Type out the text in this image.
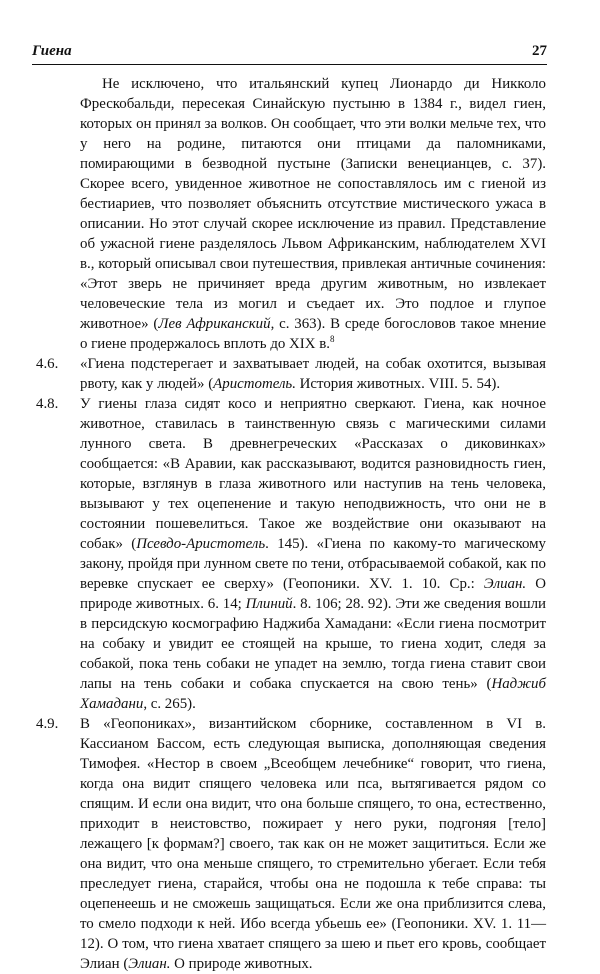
Гиена	27

Не исключено, что итальянский купец Лионардо ди Никколо Фрескобальди, пересекая Синайскую пустыню в 1384 г., видел гиен, которых он принял за волков. Он сообщает, что эти волки мельче тех, что у него на родине, питаются они птицами да паломниками, помирающими в безводной пустыне (Записки венецианцев, с. 37). Скорее всего, увиденное животное не сопоставлялось им с гиеной из бестиариев, что позволяет объяснить отсутствие мистического ужаса в описании. Но этот случай скорее исключение из правил. Представление об ужасной гиене разделялось Львом Африканским, наблюдателем XVI в., который описывал свои путешествия, привлекая античные сочинения: «Этот зверь не причиняет вреда другим животным, но извлекает человеческие тела из могил и съедает их. Это подлое и глупое животное» (Лев Африканский, с. 363). В среде богословов такое мнение о гиене продержалось вплоть до XIX в.$^8$

4.6.	«Гиена подстерегает и захватывает людей, на собак охотится, вызывая рвоту, как у людей» (Аристотель. История животных. VIII. 5. 54).

4.8.	У гиены глаза сидят косо и неприятно сверкают. Гиена, как ночное животное, ставилась в таинственную связь с магическими силами лунного света. В древнегреческих «Рассказах о диковинках» сообщается: «В Аравии, как рассказывают, водится разновидность гиен, которые, взглянув в глаза животного или наступив на тень человека, вызывают у тех оцепенение и такую неподвижность, что они не в состоянии пошевелиться. Такое же воздействие они оказывают на собак» (Псевдо-Аристотель. 145). «Гиена по какому-то магическому закону, пройдя при лунном свете по тени, отбрасываемой собакой, как по веревке спускает ее сверху» (Геопоники. XV. 1. 10. Ср.: Элиан. О природе животных. 6. 14; Плиний. 8. 106; 28. 92). Эти же сведения вошли в персидскую космографию Наджиба Хамадани: «Если гиена посмотрит на собаку и увидит ее стоящей на крыше, то гиена ходит, следя за собакой, пока тень собаки не упадет на землю, тогда гиена ставит свои лапы на тень собаки и собака спускается на свою тень» (Наджиб Хамадани, с. 265).

4.9.	В «Геопониках», византийском сборнике, составленном в VI в. Кассианом Бассом, есть следующая выписка, дополняющая сведения Тимофея. «Нестор в своем „Всеобщем лечебнике“ говорит, что гиена, когда она видит спящего человека или пса, вытягивается рядом со спящим. И если она видит, что она больше спящего, то она, естественно, приходит в неистовство, пожирает у него руки, подгоняя [тело] лежащего [к формам?] своего, так как он не может защититься. Если же она видит, что она меньше спящего, то стремительно убегает. Если тебя преследует гиена, старайся, чтобы она не подошла к тебе справа: ты оцепенеешь и не сможешь защищаться. Если же она приблизится слева, то смело подходи к ней. Ибо всегда убьешь ее» (Геопоники. XV. 1. 11—12). О том, что гиена хватает спящего за шею и пьет его кровь, сообщает Элиан (Элиан. О природе животных.
